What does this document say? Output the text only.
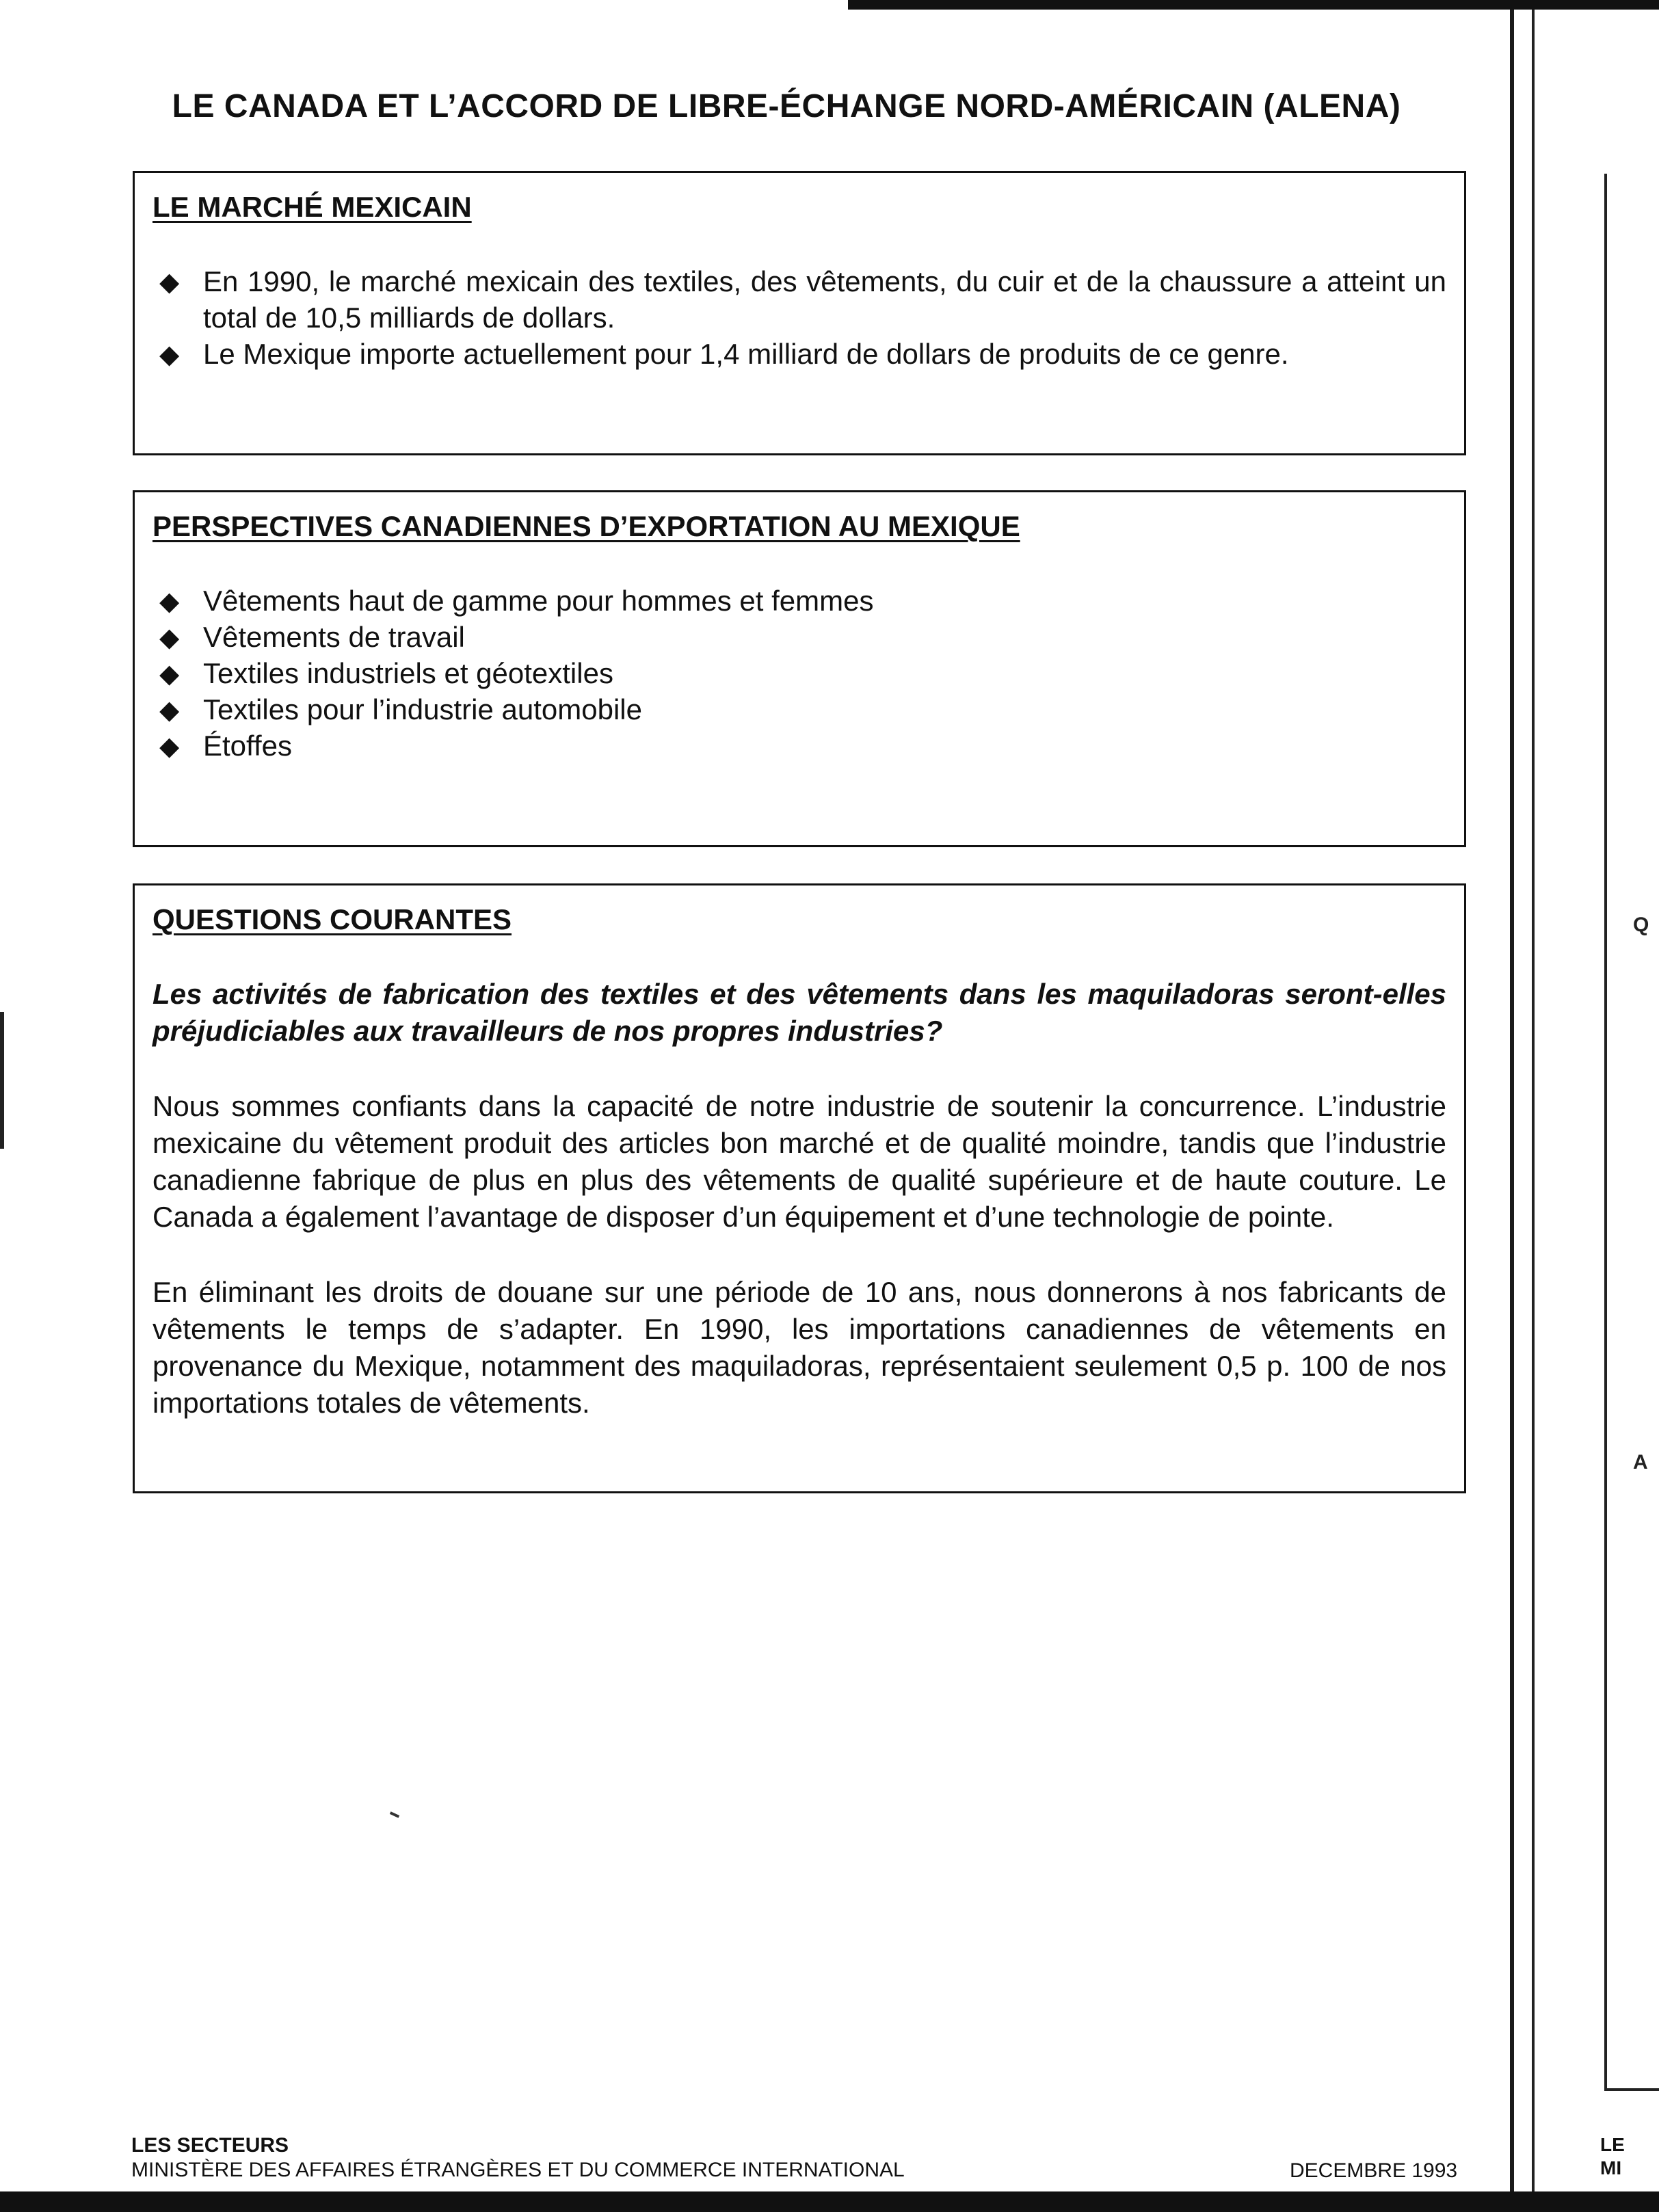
LE CANADA ET L’ACCORD DE LIBRE-ÉCHANGE NORD-AMÉRICAIN (ALENA)
LE MARCHÉ MEXICAIN
◆ En 1990, le marché mexicain des textiles, des vêtements, du cuir et de la chaussure a atteint un total de 10,5 milliards de dollars.
◆ Le Mexique importe actuellement pour 1,4 milliard de dollars de produits de ce genre.
PERSPECTIVES CANADIENNES D’EXPORTATION AU MEXIQUE
◆ Vêtements haut de gamme pour hommes et femmes
◆ Vêtements de travail
◆ Textiles industriels et géotextiles
◆ Textiles pour l’industrie automobile
◆ Étoffes
QUESTIONS COURANTES

Les activités de fabrication des textiles et des vêtements dans les maquiladoras seront-elles préjudiciables aux travailleurs de nos propres industries?

Nous sommes confiants dans la capacité de notre industrie de soutenir la concurrence. L’industrie mexicaine du vêtement produit des articles bon marché et de qualité moindre, tandis que l’industrie canadienne fabrique de plus en plus des vêtements de qualité supérieure et de haute couture. Le Canada a également l’avantage de disposer d’un équipement et d’une technologie de pointe.

En éliminant les droits de douane sur une période de 10 ans, nous donnerons à nos fabricants de vêtements le temps de s’adapter. En 1990, les importations canadiennes de vêtements en provenance du Mexique, notamment des maquiladoras, représentaient seulement 0,5 p. 100 de nos importations totales de vêtements.

LES SECTEURS
MINISTÈRE DES AFFAIRES ÉTRANGÈRES ET DU COMMERCE INTERNATIONAL	DECEMBRE 1993
Q
A
LE
MI
